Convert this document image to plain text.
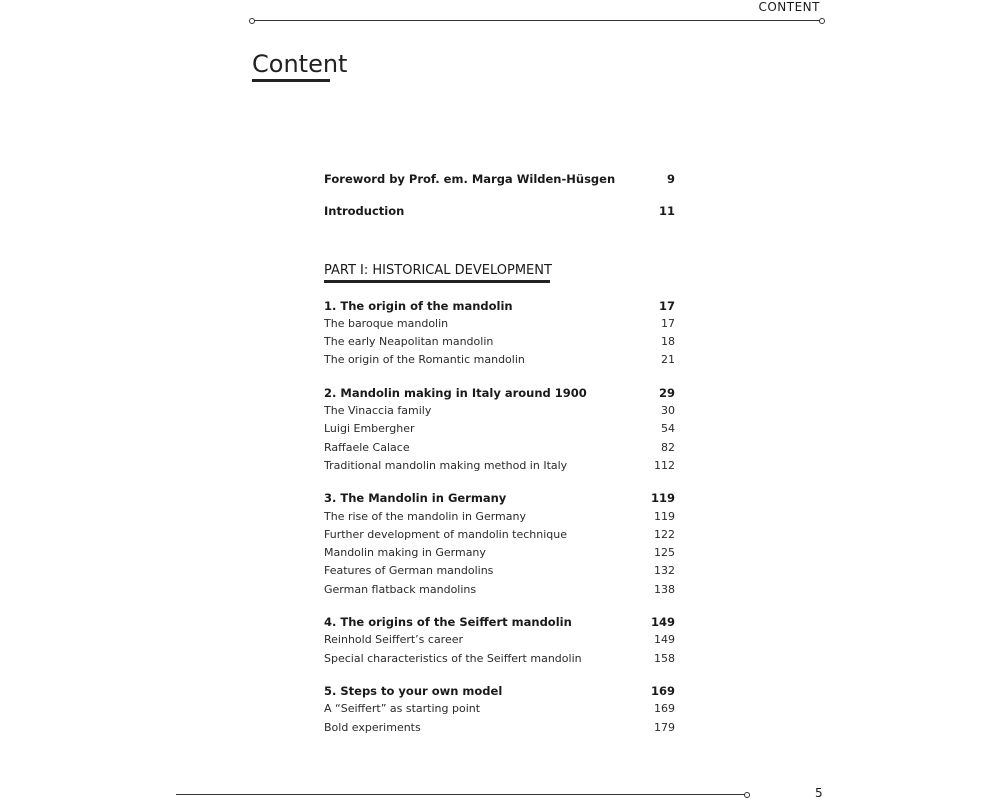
CONTENT
Content
Foreword by Prof. em. Marga Wilden-Hüsgen	9
Introduction	11
PART I: HISTORICAL DEVELOPMENT
1. The origin of the mandolin	17
The baroque mandolin	17
The early Neapolitan mandolin	18
The origin of the Romantic mandolin	21
2. Mandolin making in Italy around 1900	29
The Vinaccia family	30
Luigi Embergher	54
Raffaele Calace	82
Traditional mandolin making method in Italy	112
3. The Mandolin in Germany	119
The rise of the mandolin in Germany	119
Further development of mandolin technique	122
Mandolin making in Germany	125
Features of German mandolins	132
German flatback mandolins	138
4. The origins of the Seiffert mandolin	149
Reinhold Seiffert’s career	149
Special characteristics of the Seiffert mandolin	158
5. Steps to your own model	169
A “Seiffert” as starting point	169
Bold experiments	179
5
